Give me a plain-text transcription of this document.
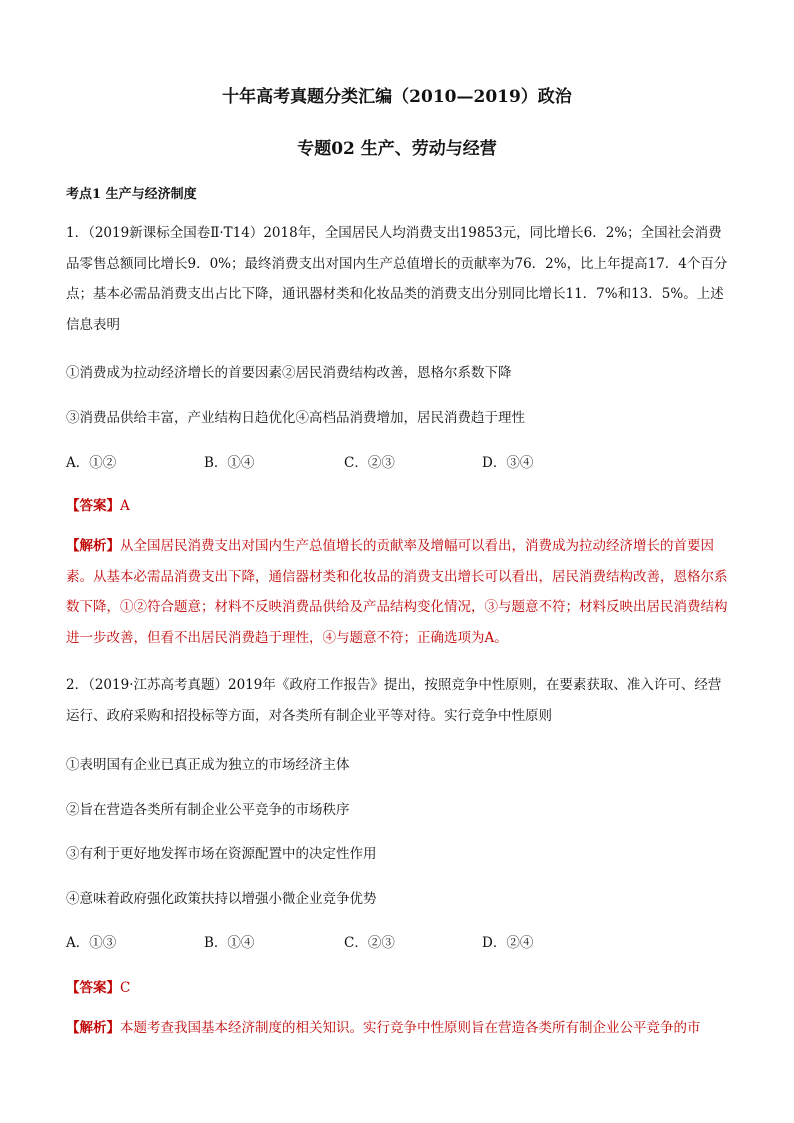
十年高考真题分类汇编（2010—2019）政治
专题02 生产、劳动与经营
考点1 生产与经济制度

1．（2019新课标全国卷Ⅱ·T14）2018年，全国居民人均消费支出19853元，同比增长6．2%；全国社会消费品零售总额同比增长9．0%；最终消费支出对国内生产总值增长的贡献率为76．2%，比上年提高17．4个百分点；基本必需品消费支出占比下降，通讯器材类和化妆品类的消费支出分别同比增长11．7%和13．5%。上述信息表明

①消费成为拉动经济增长的首要因素②居民消费结构改善，恩格尔系数下降
③消费品供给丰富，产业结构日趋优化④高档品消费增加，居民消费趋于理性
A．①②	B．①④	C．②③	D．③④
【答案】A

【解析】从全国居民消费支出对国内生产总值增长的贡献率及增幅可以看出，消费成为拉动经济增长的首要因素。从基本必需品消费支出下降，通信器材类和化妆品的消费支出增长可以看出，居民消费结构改善，恩格尔系数下降，①②符合题意；材料不反映消费品供给及产品结构变化情况，③与题意不符；材料反映出居民消费结构进一步改善，但看不出居民消费趋于理性，④与题意不符；正确选项为A。

2．（2019·江苏高考真题）2019年《政府工作报告》提出，按照竞争中性原则，在要素获取、准入许可、经营运行、政府采购和招投标等方面，对各类所有制企业平等对待。实行竞争中性原则

①表明国有企业已真正成为独立的市场经济主体
②旨在营造各类所有制企业公平竞争的市场秩序
③有利于更好地发挥市场在资源配置中的决定性作用
④意味着政府强化政策扶持以增强小微企业竞争优势
A．①③	B．①④	C．②③	D．②④
【答案】C
【解析】本题考查我国基本经济制度的相关知识。实行竞争中性原则旨在营造各类所有制企业公平竞争的市
